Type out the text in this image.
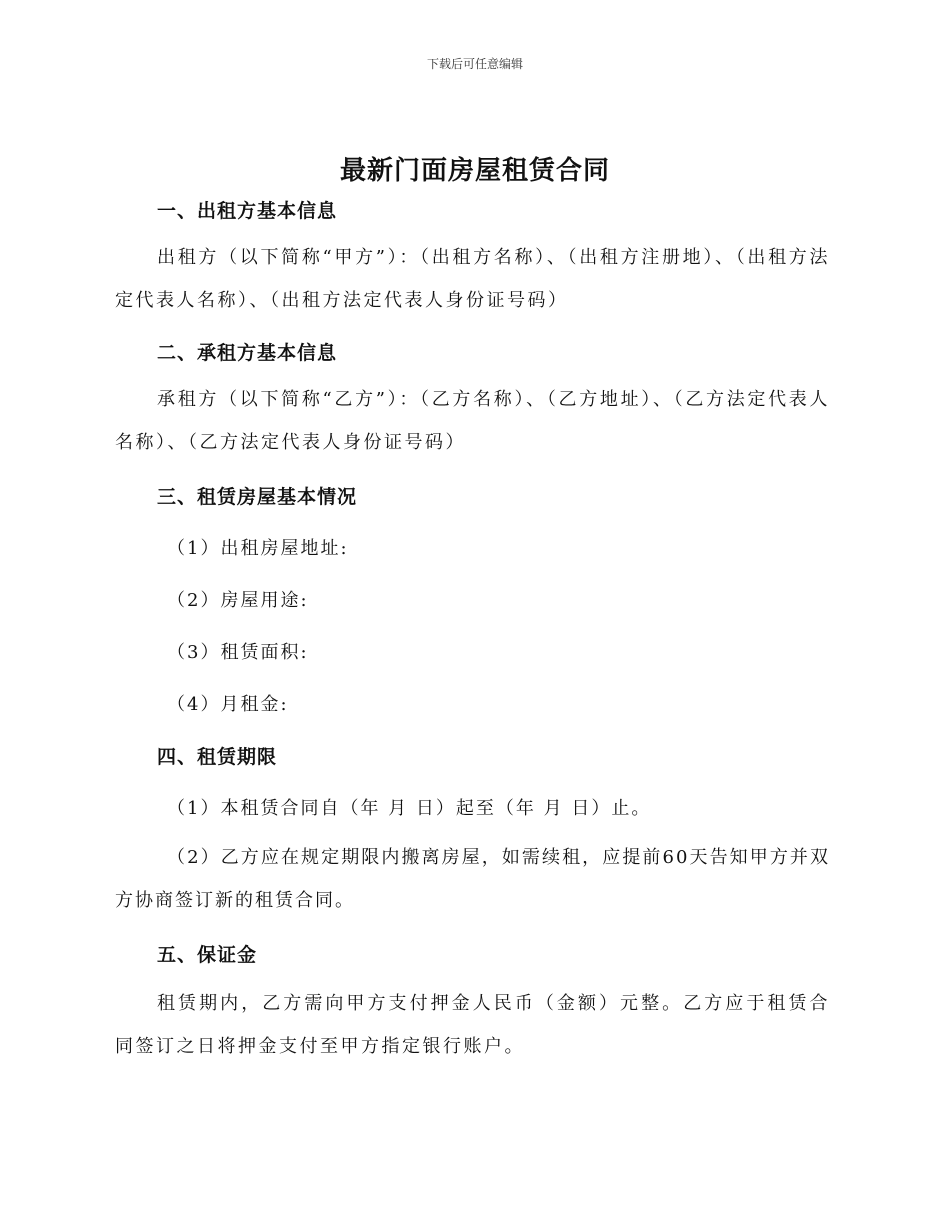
下载后可任意编辑
最新门面房屋租赁合同
一、出租方基本信息

出租方（以下简称“甲方”）：（出租方名称）、（出租方注册地）、（出租方法定代表人名称）、（出租方法定代表人身份证号码）

二、承租方基本信息

承租方（以下简称“乙方”）：（乙方名称）、（乙方地址）、（乙方法定代表人名称）、（乙方法定代表人身份证号码）

三、租赁房屋基本情况
（1）出租房屋地址:
（2）房屋用途:
（3）租赁面积:
（4）月租金:
四、租赁期限
（1）本租赁合同自（年 月 日）起至（年 月 日）止。

（2）乙方应在规定期限内搬离房屋，如需续租，应提前60天告知甲方并双方协商签订新的租赁合同。

五、保证金

租赁期内，乙方需向甲方支付押金人民币（金额）元整。乙方应于租赁合同签订之日将押金支付至甲方指定银行账户。
